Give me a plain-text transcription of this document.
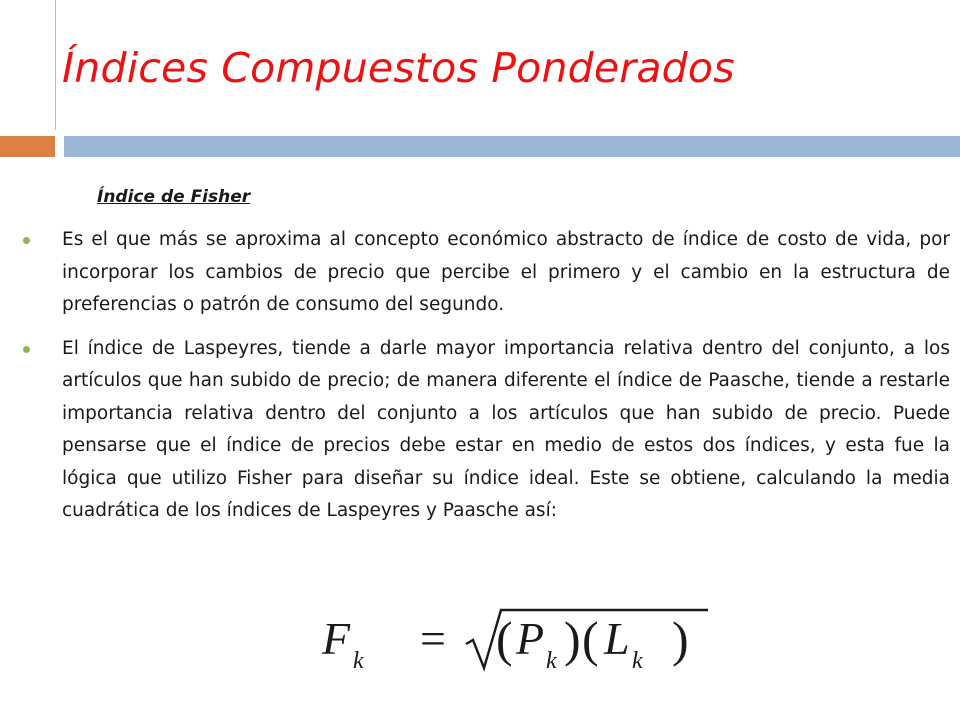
Índices Compuestos Ponderados
Índice de Fisher
Es el que más se aproxima al concepto económico abstracto de índice de costo de vida, por incorporar los cambios de precio que percibe el primero y el cambio en la estructura de preferencias o patrón de consumo del segundo.
El índice de Laspeyres, tiende a darle mayor importancia relativa dentro del conjunto, a los artículos que han subido de precio; de manera diferente el índice de Paasche, tiende a restarle importancia relativa dentro del conjunto a los artículos que han subido de precio. Puede pensarse que el índice de precios debe estar en medio de estos dos índices, y esta fue la lógica que utilizo Fisher para diseñar su índice ideal. Este se obtiene, calculando la media cuadrática de los índices de Laspeyres y Paasche así:
F k = ( P k ) ( L k )
